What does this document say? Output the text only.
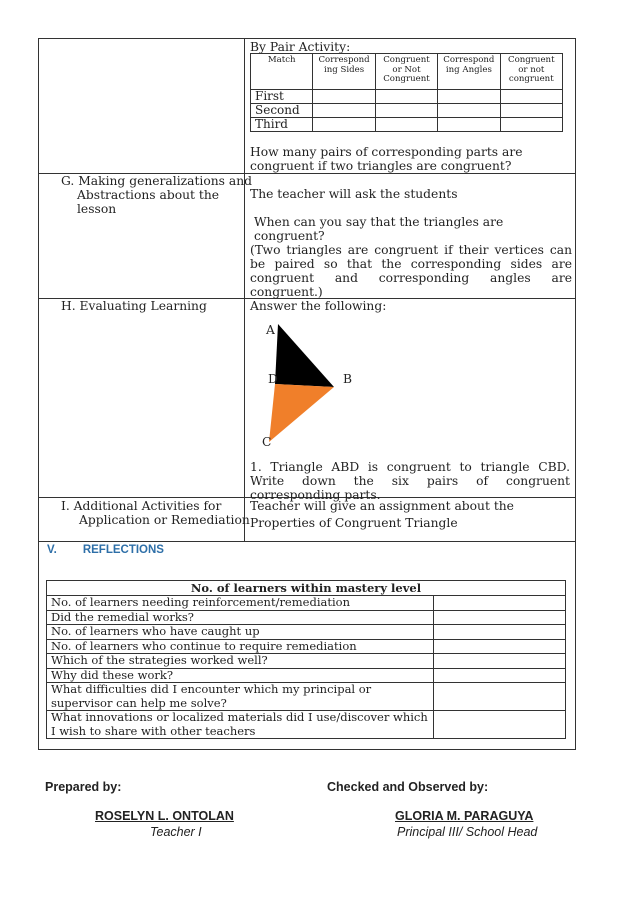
By Pair Activity:
Match	Correspond ing Sides	Congruent or Not Congruent	Correspond ing Angles	Congruent or not congruent
First				
Second				
Third				
How many pairs of corresponding parts are congruent if two triangles are congruent?
G. Making generalizations and Abstractions about the lesson
The teacher will ask the students
When can you say that the triangles are congruent?
(Two triangles are congruent if their vertices can be paired so that the corresponding sides are congruent and corresponding angles are congruent.)
H. Evaluating Learning	Answer the following:
A
D	B
C
1. Triangle ABD is congruent to triangle CBD. Write down the six pairs of congruent corresponding parts.
I. Additional Activities for Application or Remediation
Teacher will give an assignment about the Properties of Congruent Triangle
V. REFLECTIONS
No. of learners within mastery level	
No. of learners needing reinforcement/remediation	
Did the remedial works?	
No. of learners who have caught up	
No. of learners who continue to require remediation	
Which of the strategies worked well?	
Why did these work?	
What difficulties did I encounter which my principal or supervisor can help me solve?	
What innovations or localized materials did I use/discover which I wish to share with other teachers	
Prepared by:	Checked and Observed by:
ROSELYN L. ONTOLAN	GLORIA M. PARAGUYA
Teacher I	Principal III/ School Head
